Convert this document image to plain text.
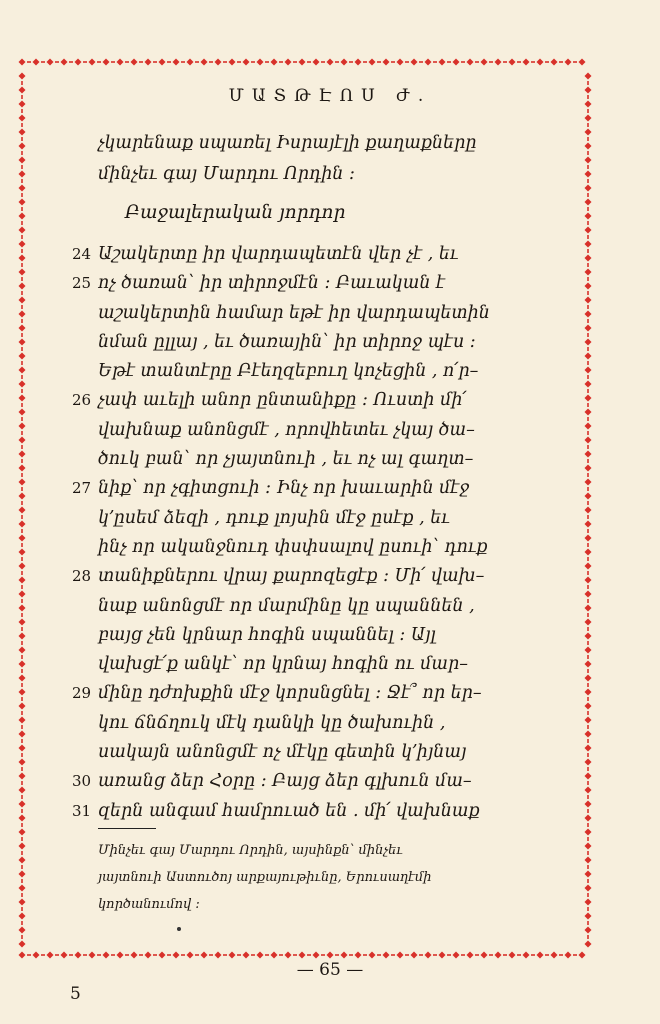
ՄԱՏԹԷՈՍ Ժ.
չկարենաք սպառել Իսրայէլի քաղաքները
մինչեւ գայ Մարդու Որդին :
Բաջալերական յորդոր
24 Աշակերտը իր վարդապետէն վեր չէ , եւ
25 ոչ ծառան՝ իր տիրոջմէն : Բաւական է
աշակերտին համար եթէ իր վարդապետին
նման ըլլայ , եւ ծառային՝ իր տիրոջ պէս :
Եթէ տանտէրը Բէեղզեբուղ կոչեցին , ո՛ր–
26 չափ աւելի անոր ընտանիքը : Ուստի մի՛
վախնաք անոնցմէ , որովհետեւ չկայ ծա–
ծուկ բան՝ որ չյայտնուի , եւ ոչ ալ գաղտ–
27 նիք՝ որ չգիտցուի : Ինչ որ խաւարին մէջ
կ՚ըսեմ ձեզի , դուք լոյսին մէջ ըսէք , եւ
ինչ որ ականջնուդ փսփսալով ըսուի՝ դուք
28 տանիքներու վրայ քարոզեցէք : Մի՛ վախ–
նաք անոնցմէ որ մարմինը կը սպաննեն ,
բայց չեն կրնար հոգին սպաննել : Այլ
վախցէ՛ք անկէ՝ որ կրնայ հոգին ու մար–
29 մինը դժոխքին մէջ կորսնցնել : Ջէ՞ որ եր–
կու ճնճղուկ մէկ դանկի կը ծախուին ,
սակայն անոնցմէ ոչ մէկը գետին կ՚իյնայ
30 առանց ձեր Հօրը : Բայց ձեր գլխուն մա–
31 զերն անգամ համրուած են . մի՛ վախնաք
Մինչեւ գայ Մարդու Որդին, այսինքն՝ մինչեւ
յայտնուի Աստուծոյ արքայութիւնը, Երուսաղէմի
կործանումով :
— 65 —
5
